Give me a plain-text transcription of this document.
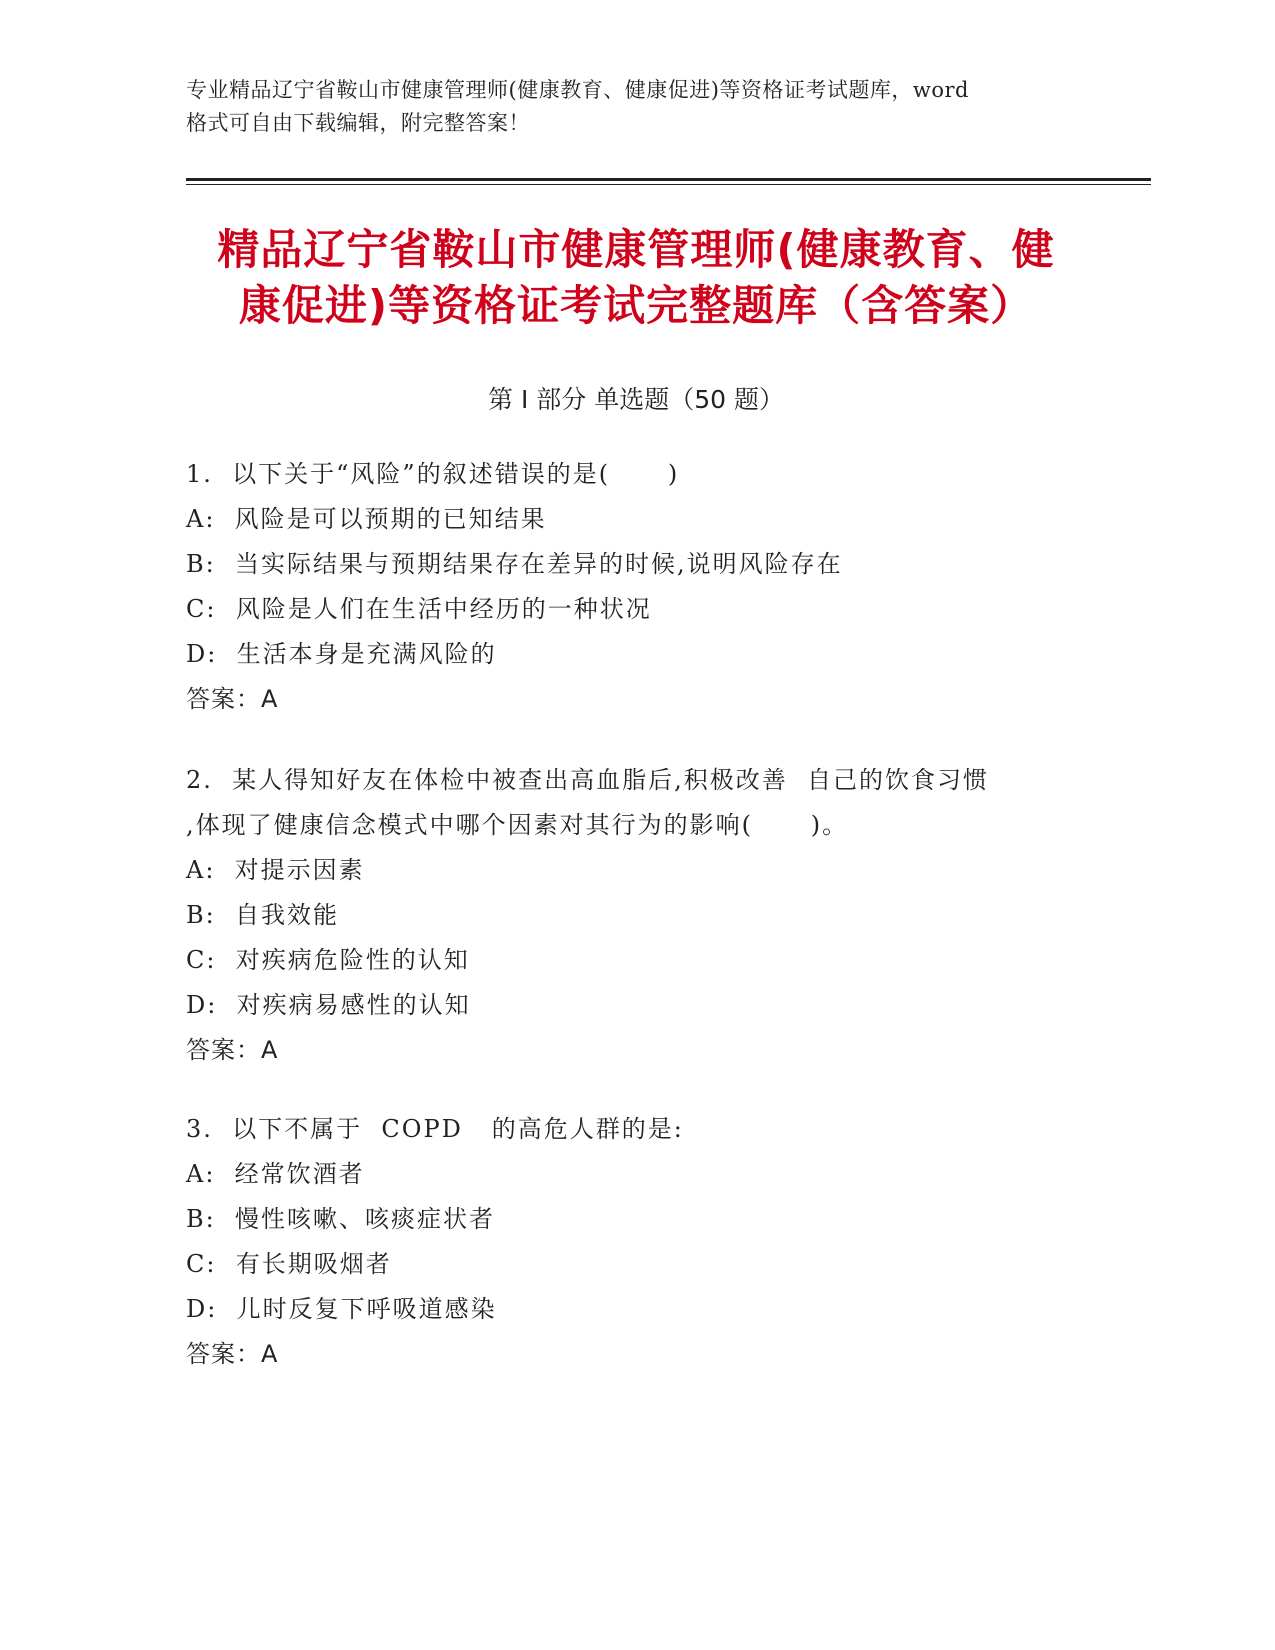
专业精品辽宁省鞍山市健康管理师(健康教育、健康促进)等资格证考试题库，word
格式可自由下载编辑，附完整答案！
精品辽宁省鞍山市健康管理师(健康教育、健
康促进)等资格证考试完整题库（含答案）
第 I 部分 单选题（50 题）
1.  以下关于“风险”的叙述错误的是(      )
A:  风险是可以预期的已知结果
B:  当实际结果与预期结果存在差异的时候,说明风险存在
C:  风险是人们在生活中经历的一种状况
D:  生活本身是充满风险的
答案：A
2.  某人得知好友在体检中被查出高血脂后,积极改善  自己的饮食习惯
,体现了健康信念模式中哪个因素对其行为的影响(      )。
A:  对提示因素
B:  自我效能
C:  对疾病危险性的认知
D:  对疾病易感性的认知
答案：A
3.  以下不属于  COPD   的高危人群的是:
A:  经常饮酒者
B:  慢性咳嗽、咳痰症状者
C:  有长期吸烟者
D:  儿时反复下呼吸道感染
答案：A
